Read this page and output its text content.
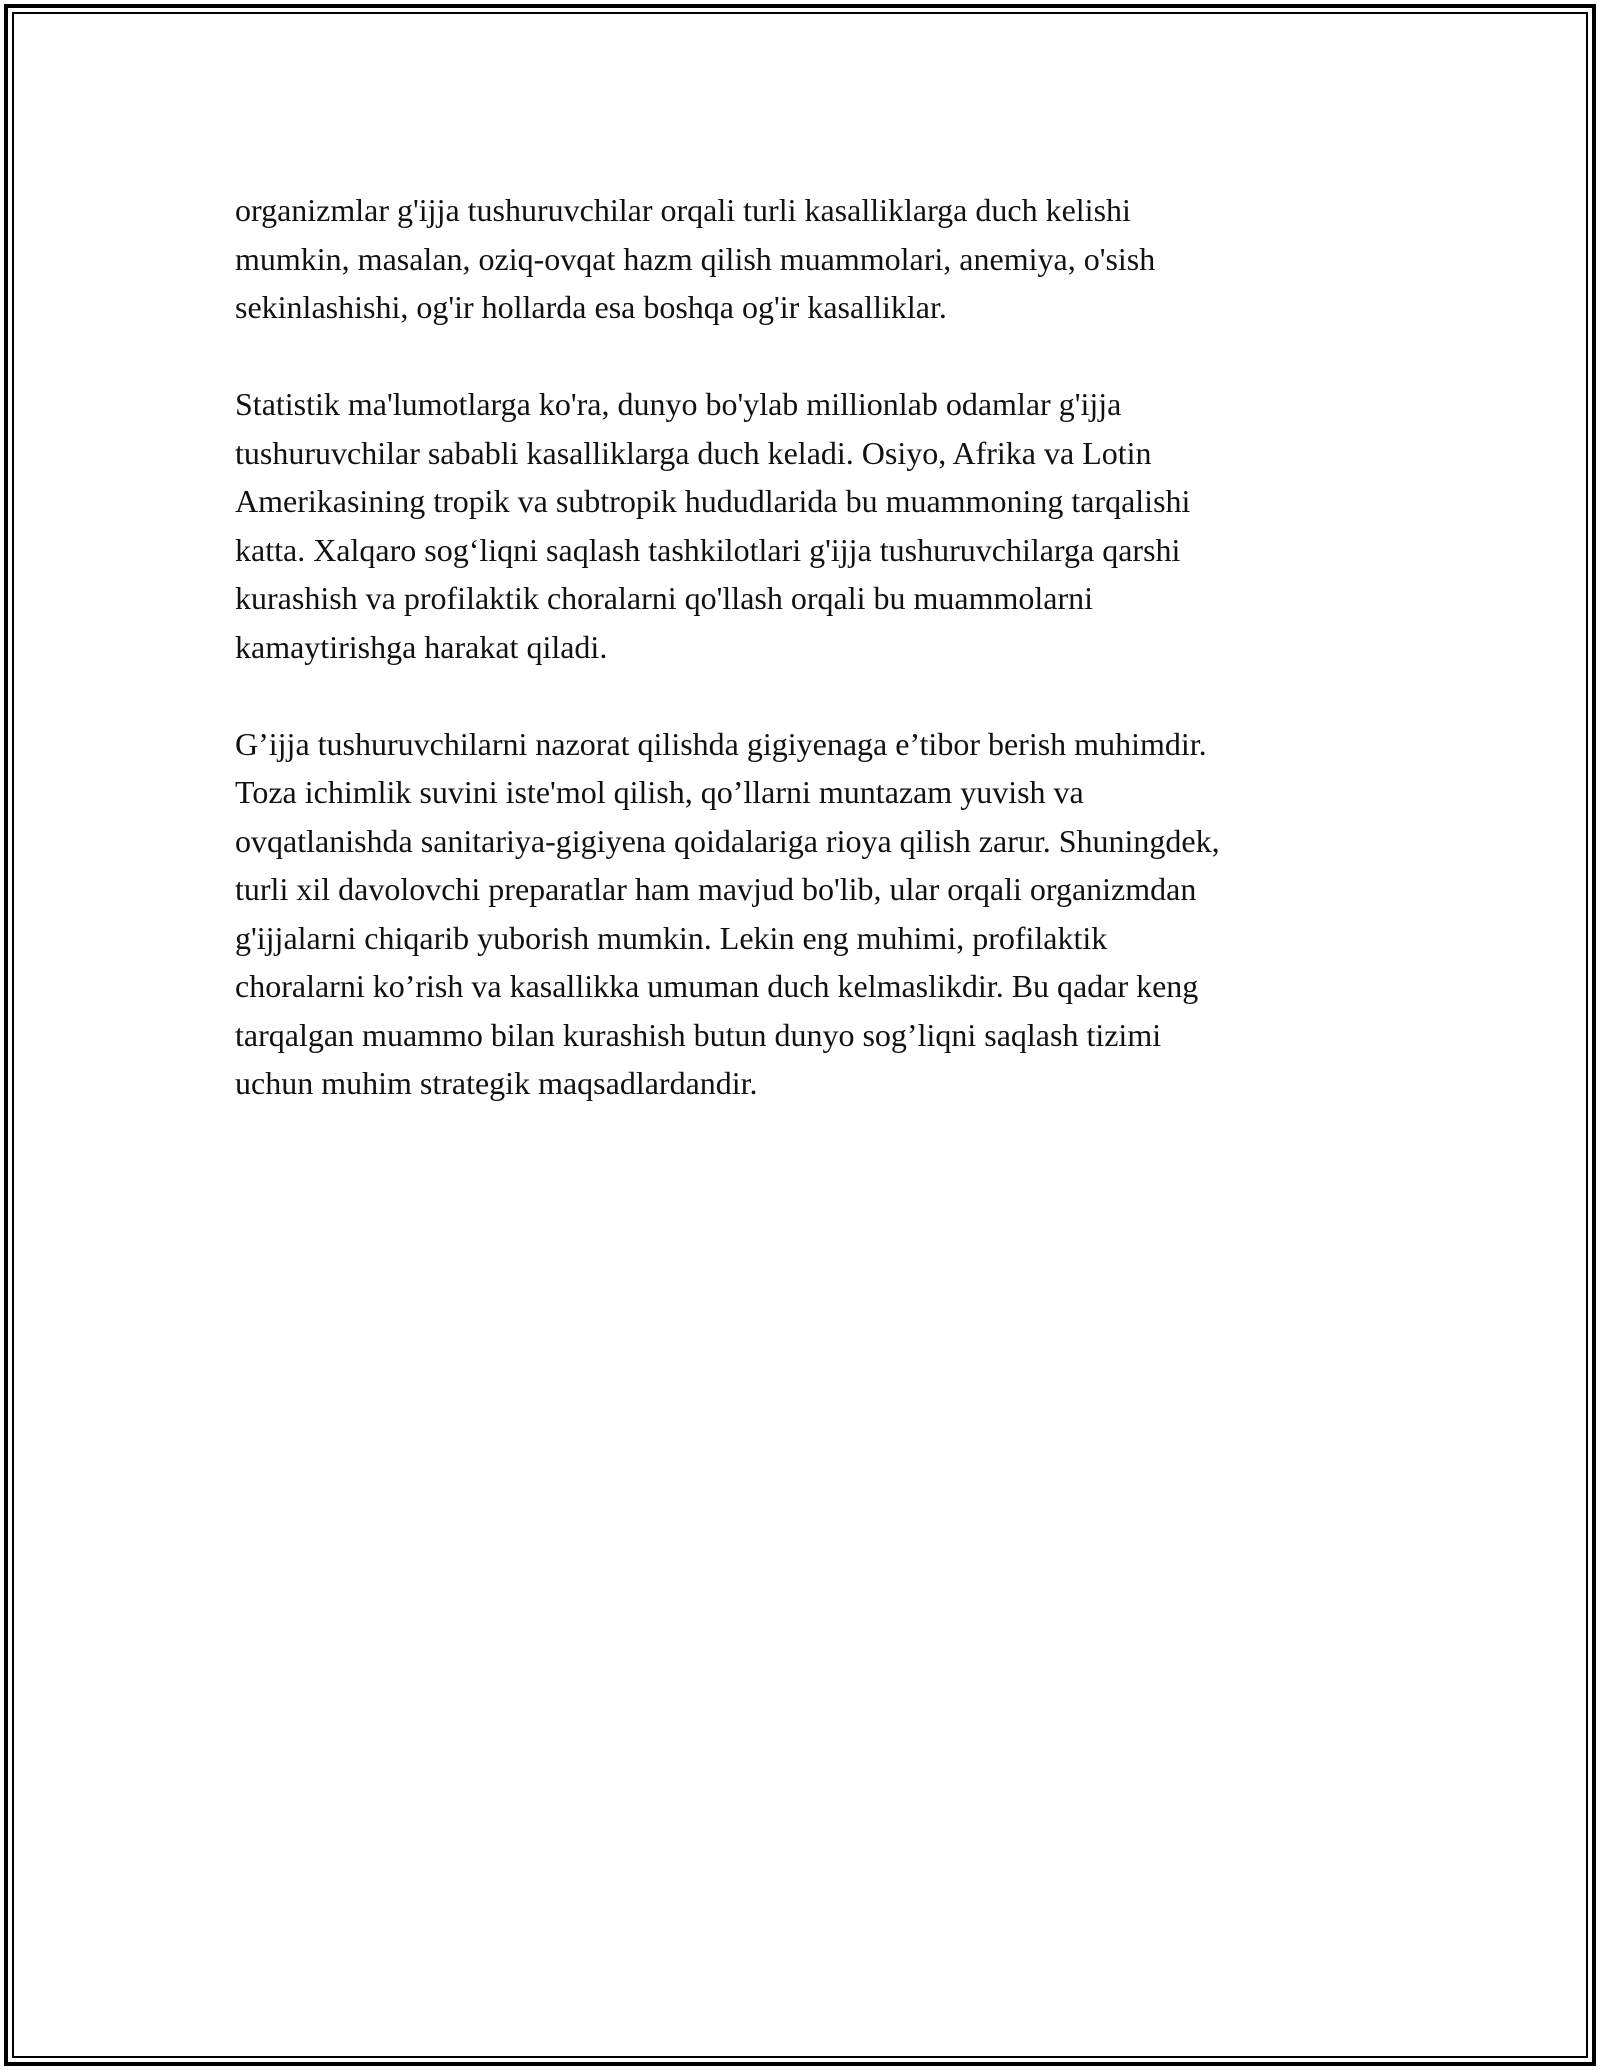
organizmlar g'ijja tushuruvchilar orqali turli kasalliklarga duch kelishi
mumkin, masalan, oziq-ovqat hazm qilish muammolari, anemiya, o'sish
sekinlashishi, og'ir hollarda esa boshqa og'ir kasalliklar.

Statistik ma'lumotlarga ko'ra, dunyo bo'ylab millionlab odamlar g'ijja
tushuruvchilar sababli kasalliklarga duch keladi. Osiyo, Afrika va Lotin
Amerikasining tropik va subtropik hududlarida bu muammoning tarqalishi
katta. Xalqaro sog‘liqni saqlash tashkilotlari g'ijja tushuruvchilarga qarshi
kurashish va profilaktik choralarni qo'llash orqali bu muammolarni
kamaytirishga harakat qiladi.

G’ijja tushuruvchilarni nazorat qilishda gigiyenaga e’tibor berish muhimdir.
Toza ichimlik suvini iste'mol qilish, qo’llarni muntazam yuvish va
ovqatlanishda sanitariya-gigiyena qoidalariga rioya qilish zarur. Shuningdek,
turli xil davolovchi preparatlar ham mavjud bo'lib, ular orqali organizmdan
g'ijjalarni chiqarib yuborish mumkin. Lekin eng muhimi, profilaktik
choralarni ko’rish va kasallikka umuman duch kelmaslikdir. Bu qadar keng
tarqalgan muammo bilan kurashish butun dunyo sog’liqni saqlash tizimi
uchun muhim strategik maqsadlardandir.
